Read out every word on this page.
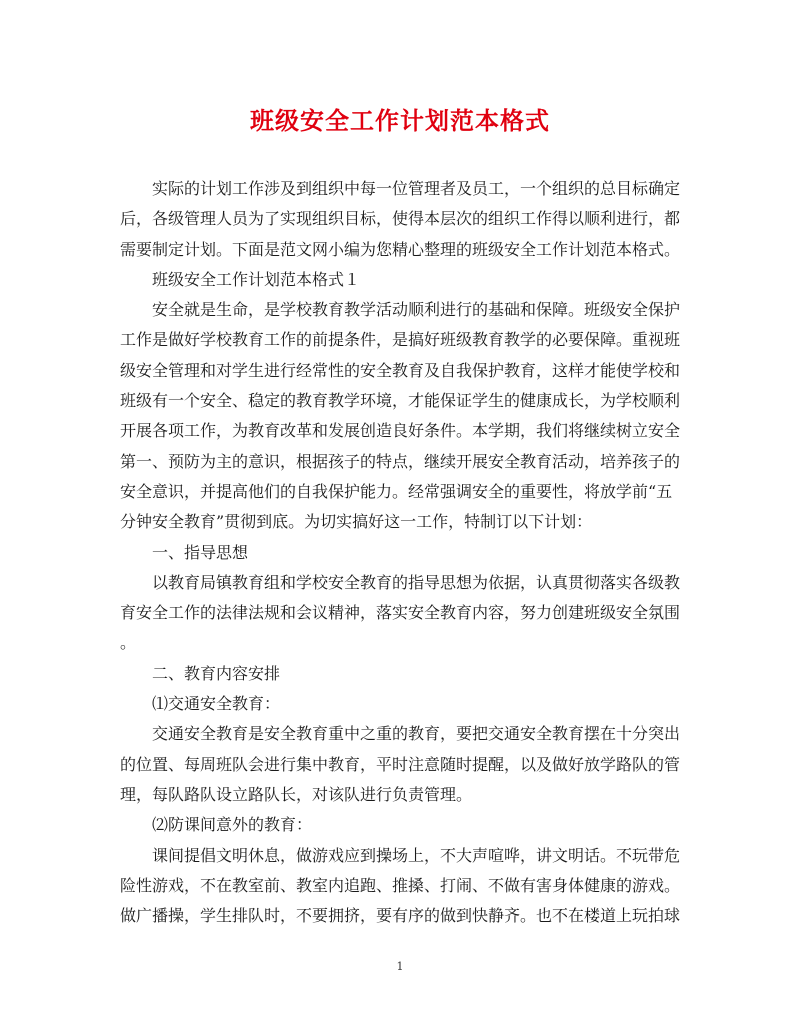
班级安全工作计划范本格式
实际的计划工作涉及到组织中每一位管理者及员工，一个组织的总目标确定
后，各级管理人员为了实现组织目标，使得本层次的组织工作得以顺利进行，都
需要制定计划。下面是范文网小编为您精心整理的班级安全工作计划范本格式。
班级安全工作计划范本格式１
安全就是生命，是学校教育教学活动顺利进行的基础和保障。班级安全保护
工作是做好学校教育工作的前提条件，是搞好班级教育教学的必要保障。重视班
级安全管理和对学生进行经常性的安全教育及自我保护教育，这样才能使学校和
班级有一个安全、稳定的教育教学环境，才能保证学生的健康成长，为学校顺利
开展各项工作，为教育改革和发展创造良好条件。本学期，我们将继续树立安全
第一、预防为主的意识，根据孩子的特点，继续开展安全教育活动，培养孩子的
安全意识，并提高他们的自我保护能力。经常强调安全的重要性，将放学前“五
分钟安全教育”贯彻到底。为切实搞好这一工作，特制订以下计划：
一、指导思想
以教育局镇教育组和学校安全教育的指导思想为依据，认真贯彻落实各级教
育安全工作的法律法规和会议精神，落实安全教育内容，努力创建班级安全氛围
。
二、教育内容安排
⑴交通安全教育：
交通安全教育是安全教育重中之重的教育，要把交通安全教育摆在十分突出
的位置、每周班队会进行集中教育，平时注意随时提醒，以及做好放学路队的管
理，每队路队设立路队长，对该队进行负责管理。
⑵防课间意外的教育：
课间提倡文明休息，做游戏应到操场上，不大声喧哗，讲文明话。不玩带危
险性游戏，不在教室前、教室内追跑、推搡、打闹、不做有害身体健康的游戏。
做广播操，学生排队时，不要拥挤，要有序的做到快静齐。也不在楼道上玩拍球
1
